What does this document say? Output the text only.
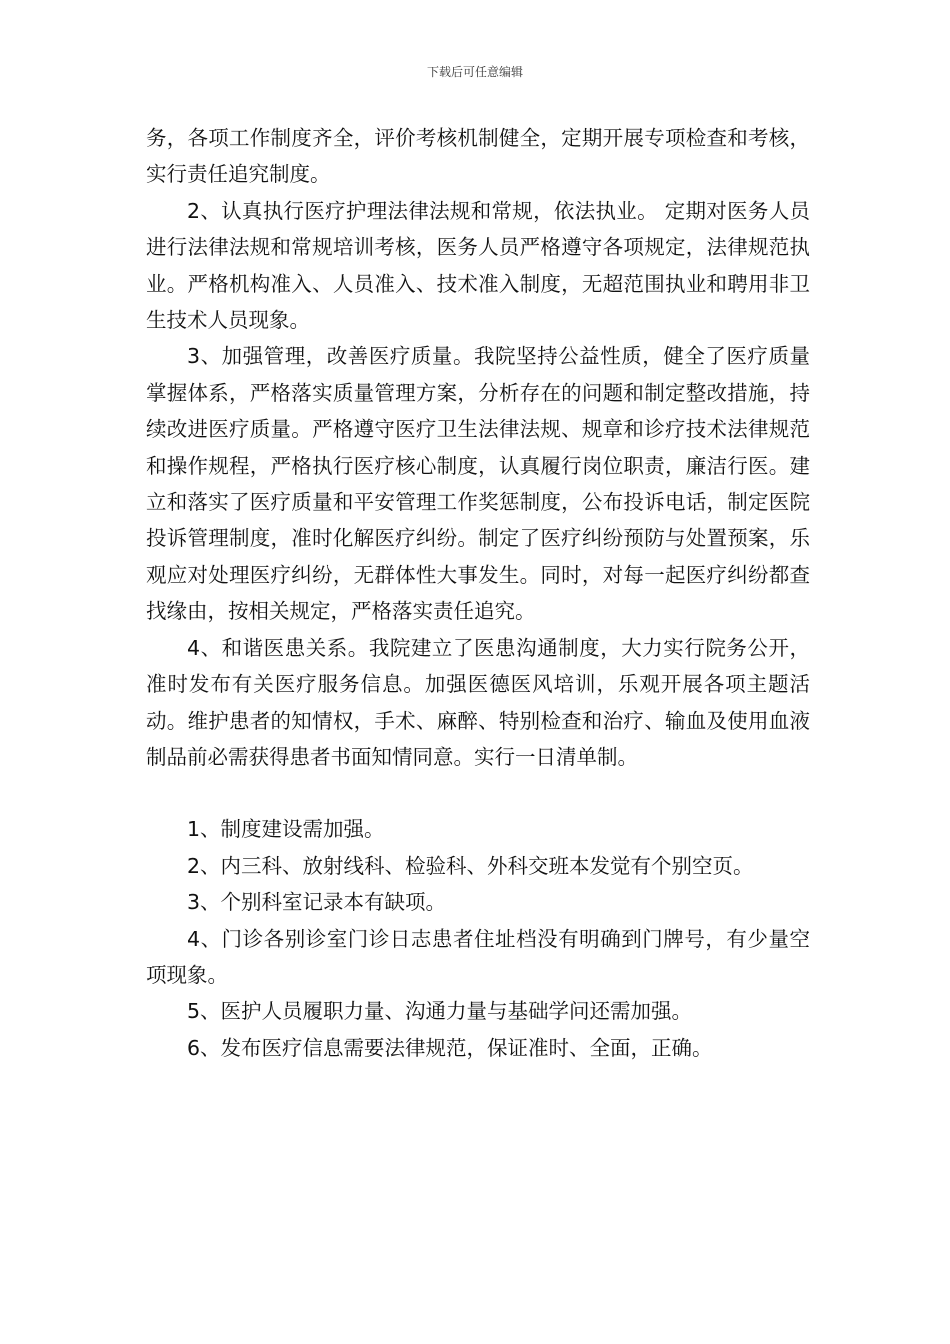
下载后可任意编辑

务，各项工作制度齐全，评价考核机制健全，定期开展专项检查和考核，实行责任追究制度。

2、认真执行医疗护理法律法规和常规，依法执业。 定期对医务人员进行法律法规和常规培训考核，医务人员严格遵守各项规定，法律规范执业。严格机构准入、人员准入、技术准入制度，无超范围执业和聘用非卫生技术人员现象。

3、加强管理，改善医疗质量。我院坚持公益性质，健全了医疗质量掌握体系，严格落实质量管理方案，分析存在的问题和制定整改措施，持续改进医疗质量。严格遵守医疗卫生法律法规、规章和诊疗技术法律规范和操作规程，严格执行医疗核心制度，认真履行岗位职责，廉洁行医。建立和落实了医疗质量和平安管理工作奖惩制度，公布投诉电话，制定医院投诉管理制度，准时化解医疗纠纷。制定了医疗纠纷预防与处置预案，乐观应对处理医疗纠纷，无群体性大事发生。同时，对每一起医疗纠纷都查找缘由，按相关规定，严格落实责任追究。

4、和谐医患关系。我院建立了医患沟通制度，大力实行院务公开，准时发布有关医疗服务信息。加强医德医风培训，乐观开展各项主题活动。维护患者的知情权，手术、麻醉、特别检查和治疗、输血及使用血液制品前必需获得患者书面知情同意。实行一日清单制。

1、制度建设需加强。

2、内三科、放射线科、检验科、外科交班本发觉有个别空页。

3、个别科室记录本有缺项。

4、门诊各别诊室门诊日志患者住址档没有明确到门牌号，有少量空项现象。

5、医护人员履职力量、沟通力量与基础学问还需加强。

6、发布医疗信息需要法律规范，保证准时、全面，正确。
